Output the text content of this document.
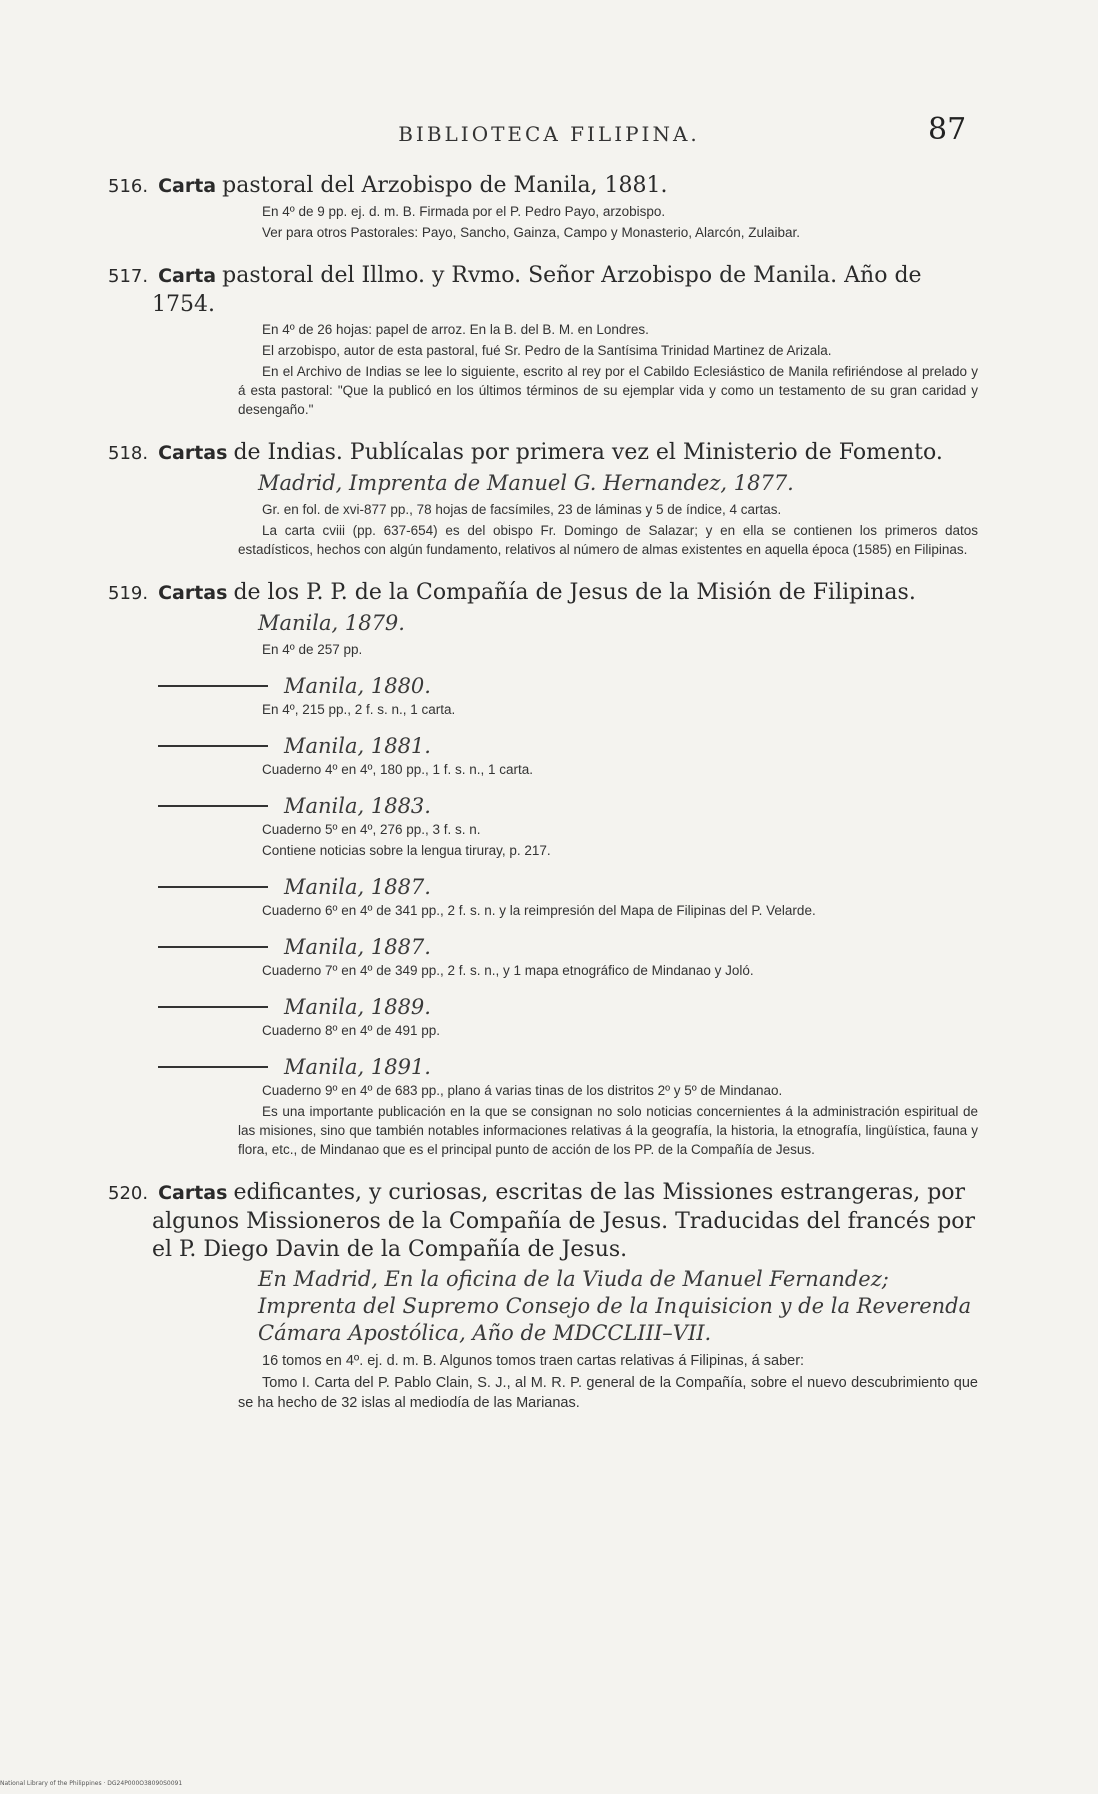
BIBLIOTECA FILIPINA.	87
516. Carta pastoral del Arzobispo de Manila, 1881.
En 4º de 9 pp. ej. d. m. B. Firmada por el P. Pedro Payo, arzobispo.
Ver para otros Pastorales: Payo, Sancho, Gainza, Campo y Monasterio, Alarcón, Zulaibar.
517. Carta pastoral del Illmo. y Rvmo. Señor Arzobispo de Manila. Año de 1754.
En 4º de 26 hojas: papel de arroz. En la B. del B. M. en Londres.
El arzobispo, autor de esta pastoral, fué Sr. Pedro de la Santísima Trinidad Martinez de Arizala.
En el Archivo de Indias se lee lo siguiente, escrito al rey por el Cabildo Eclesiástico de Manila refiriéndose al prelado y á esta pastoral: "Que la publicó en los últimos términos de su ejemplar vida y como un testamento de su gran caridad y desengaño."
518. Cartas de Indias. Publícalas por primera vez el Ministerio de Fomento.
Madrid, Imprenta de Manuel G. Hernandez, 1877.
Gr. en fol. de xvi-877 pp., 78 hojas de facsímiles, 23 de láminas y 5 de índice, 4 cartas.
La carta cviii (pp. 637-654) es del obispo Fr. Domingo de Salazar; y en ella se contienen los primeros datos estadísticos, hechos con algún fundamento, relativos al número de almas existentes en aquella época (1585) en Filipinas.
519. Cartas de los P. P. de la Compañía de Jesus de la Misión de Filipinas.
Manila, 1879.
En 4º de 257 pp.
Manila, 1880.
En 4º, 215 pp., 2 f. s. n., 1 carta.
Manila, 1881.
Cuaderno 4º en 4º, 180 pp., 1 f. s. n., 1 carta.
Manila, 1883.
Cuaderno 5º en 4º, 276 pp., 3 f. s. n.
Contiene noticias sobre la lengua tiruray, p. 217.
Manila, 1887.
Cuaderno 6º en 4º de 341 pp., 2 f. s. n. y la reimpresión del Mapa de Filipinas del P. Velarde.
Manila, 1887.
Cuaderno 7º en 4º de 349 pp., 2 f. s. n., y 1 mapa etnográfico de Mindanao y Joló.
Manila, 1889.
Cuaderno 8º en 4º de 491 pp.
Manila, 1891.
Cuaderno 9º en 4º de 683 pp., plano á varias tinas de los distritos 2º y 5º de Mindanao.
Es una importante publicación en la que se consignan no solo noticias concernientes á la administración espiritual de las misiones, sino que también notables informaciones relativas á la geografía, la historia, la etnografía, lingüística, fauna y flora, etc., de Mindanao que es el principal punto de acción de los PP. de la Compañía de Jesus.
520. Cartas edificantes, y curiosas, escritas de las Missiones estrangeras, por algunos Missioneros de la Compañía de Jesus. Traducidas del francés por el P. Diego Davin de la Compañía de Jesus.
En Madrid, En la oficina de la Viuda de Manuel Fernandez; Imprenta del Supremo Consejo de la Inquisicion y de la Reverenda Cámara Apostólica, Año de MDCCLIII–VII.
16 tomos en 4º. ej. d. m. B. Algunos tomos traen cartas relativas á Filipinas, á saber:
Tomo I. Carta del P. Pablo Clain, S. J., al M. R. P. general de la Compañía, sobre el nuevo descubrimiento que se ha hecho de 32 islas al mediodía de las Marianas.
National Library of the Philippines · DG24P000O38090S0091
